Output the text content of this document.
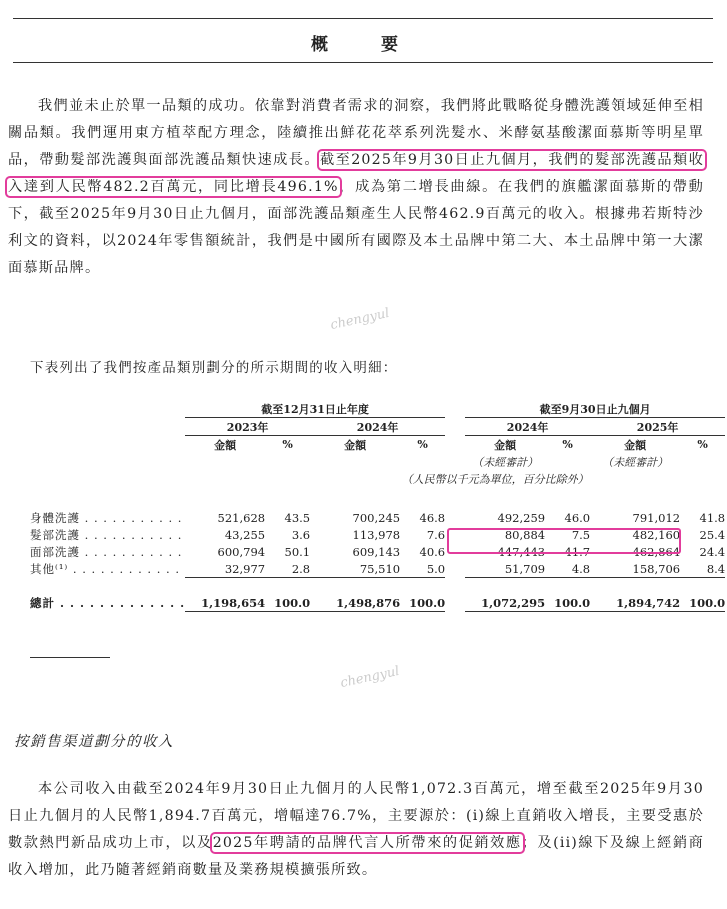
概　要

我們並未止於單一品類的成功。依靠對消費者需求的洞察，我們將此戰略從身體洗護領域延伸至相關品類。我們運用東方植萃配方理念，陸續推出鮮花花萃系列洗髮水、米酵氨基酸潔面慕斯等明星單品，帶動髮部洗護與面部洗護品類快速成長。截至2025年9月30日止九個月，我們的髮部洗護品類收入達到人民幣482.2百萬元，同比增長496.1%，成為第二增長曲線。在我們的旗艦潔面慕斯的帶動下，截至2025年9月30日止九個月，面部洗護品類產生人民幣462.9百萬元的收入。根據弗若斯特沙利文的資料，以2024年零售額統計，我們是中國所有國際及本土品牌中第二大、本土品牌中第一大潔面慕斯品牌。

chengyul

下表列出了我們按產品類別劃分的所示期間的收入明細：

	截至12月31日止年度					截至9月30日止九個月			
	2023年		2024年			2024年		2025年	
	金額	%	金額	%		金額	%	金額	%
						（未經審計）		（未經審計）	
			（人民幣以千元為單位，百分比除外）						

身體洗護 . . . . . . . . . . .	521,628	43.5	700,245	46.8		492,259	46.0	791,012	41.8
髮部洗護 . . . . . . . . . . .	43,255	3.6	113,978	7.6		80,884	7.5	482,160	25.4
面部洗護 . . . . . . . . . . .	600,794	50.1	609,143	40.6		447,443	41.7	462,864	24.4
其他⁽¹⁾ . . . . . . . . . . . .	32,977	2.8	75,510	5.0		51,709	4.8	158,706	8.4

總計 . . . . . . . . . . . . .	1,198,654	100.0	1,498,876	100.0		1,072,295	100.0	1,894,742	100.0
chengyul
按銷售渠道劃分的收入

本公司收入由截至2024年9月30日止九個月的人民幣1,072.3百萬元，增至截至2025年9月30日止九個月的人民幣1,894.7百萬元，增幅達76.7%，主要源於：(i)線上直銷收入增長，主要受惠於數款熱門新品成功上市，以及2025年聘請的品牌代言人所帶來的促銷效應；及(ii)線下及線上經銷商收入增加，此乃隨著經銷商數量及業務規模擴張所致。
